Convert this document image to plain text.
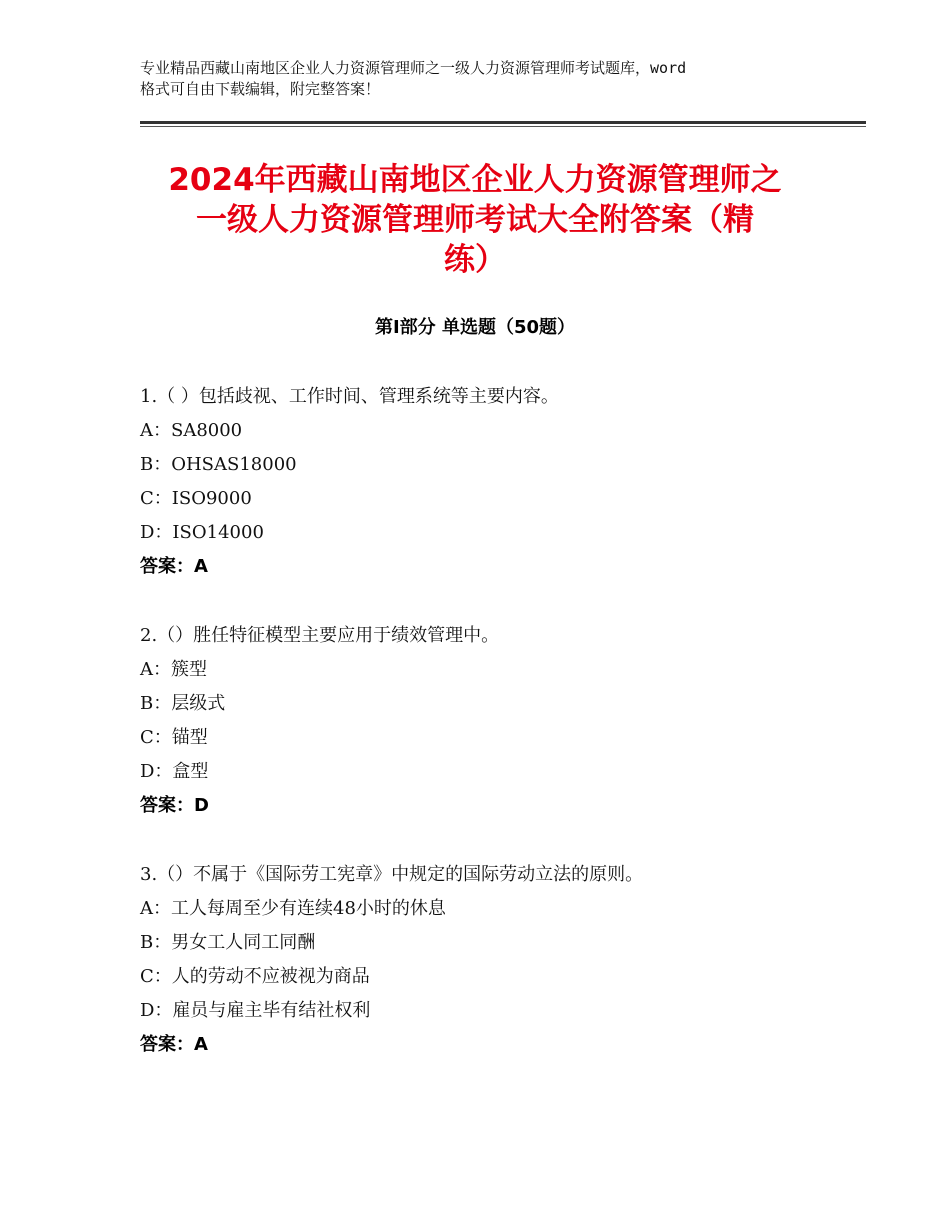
专业精品西藏山南地区企业人力资源管理师之一级人力资源管理师考试题库，word
格式可自由下载编辑，附完整答案！
2024年西藏山南地区企业人力资源管理师之
一级人力资源管理师考试大全附答案（精
练）
第Ⅰ部分 单选题（50题）
1.（ ）包括歧视、工作时间、管理系统等主要内容。
A：SA8000
B：OHSAS18000
C：ISO9000
D：ISO14000
答案：A
2.（）胜任特征模型主要应用于绩效管理中。
A：簇型
B：层级式
C：锚型
D：盒型
答案：D
3.（）不属于《国际劳工宪章》中规定的国际劳动立法的原则。
A：工人每周至少有连续48小时的休息
B：男女工人同工同酬
C：人的劳动不应被视为商品
D：雇员与雇主毕有结社权利
答案：A
